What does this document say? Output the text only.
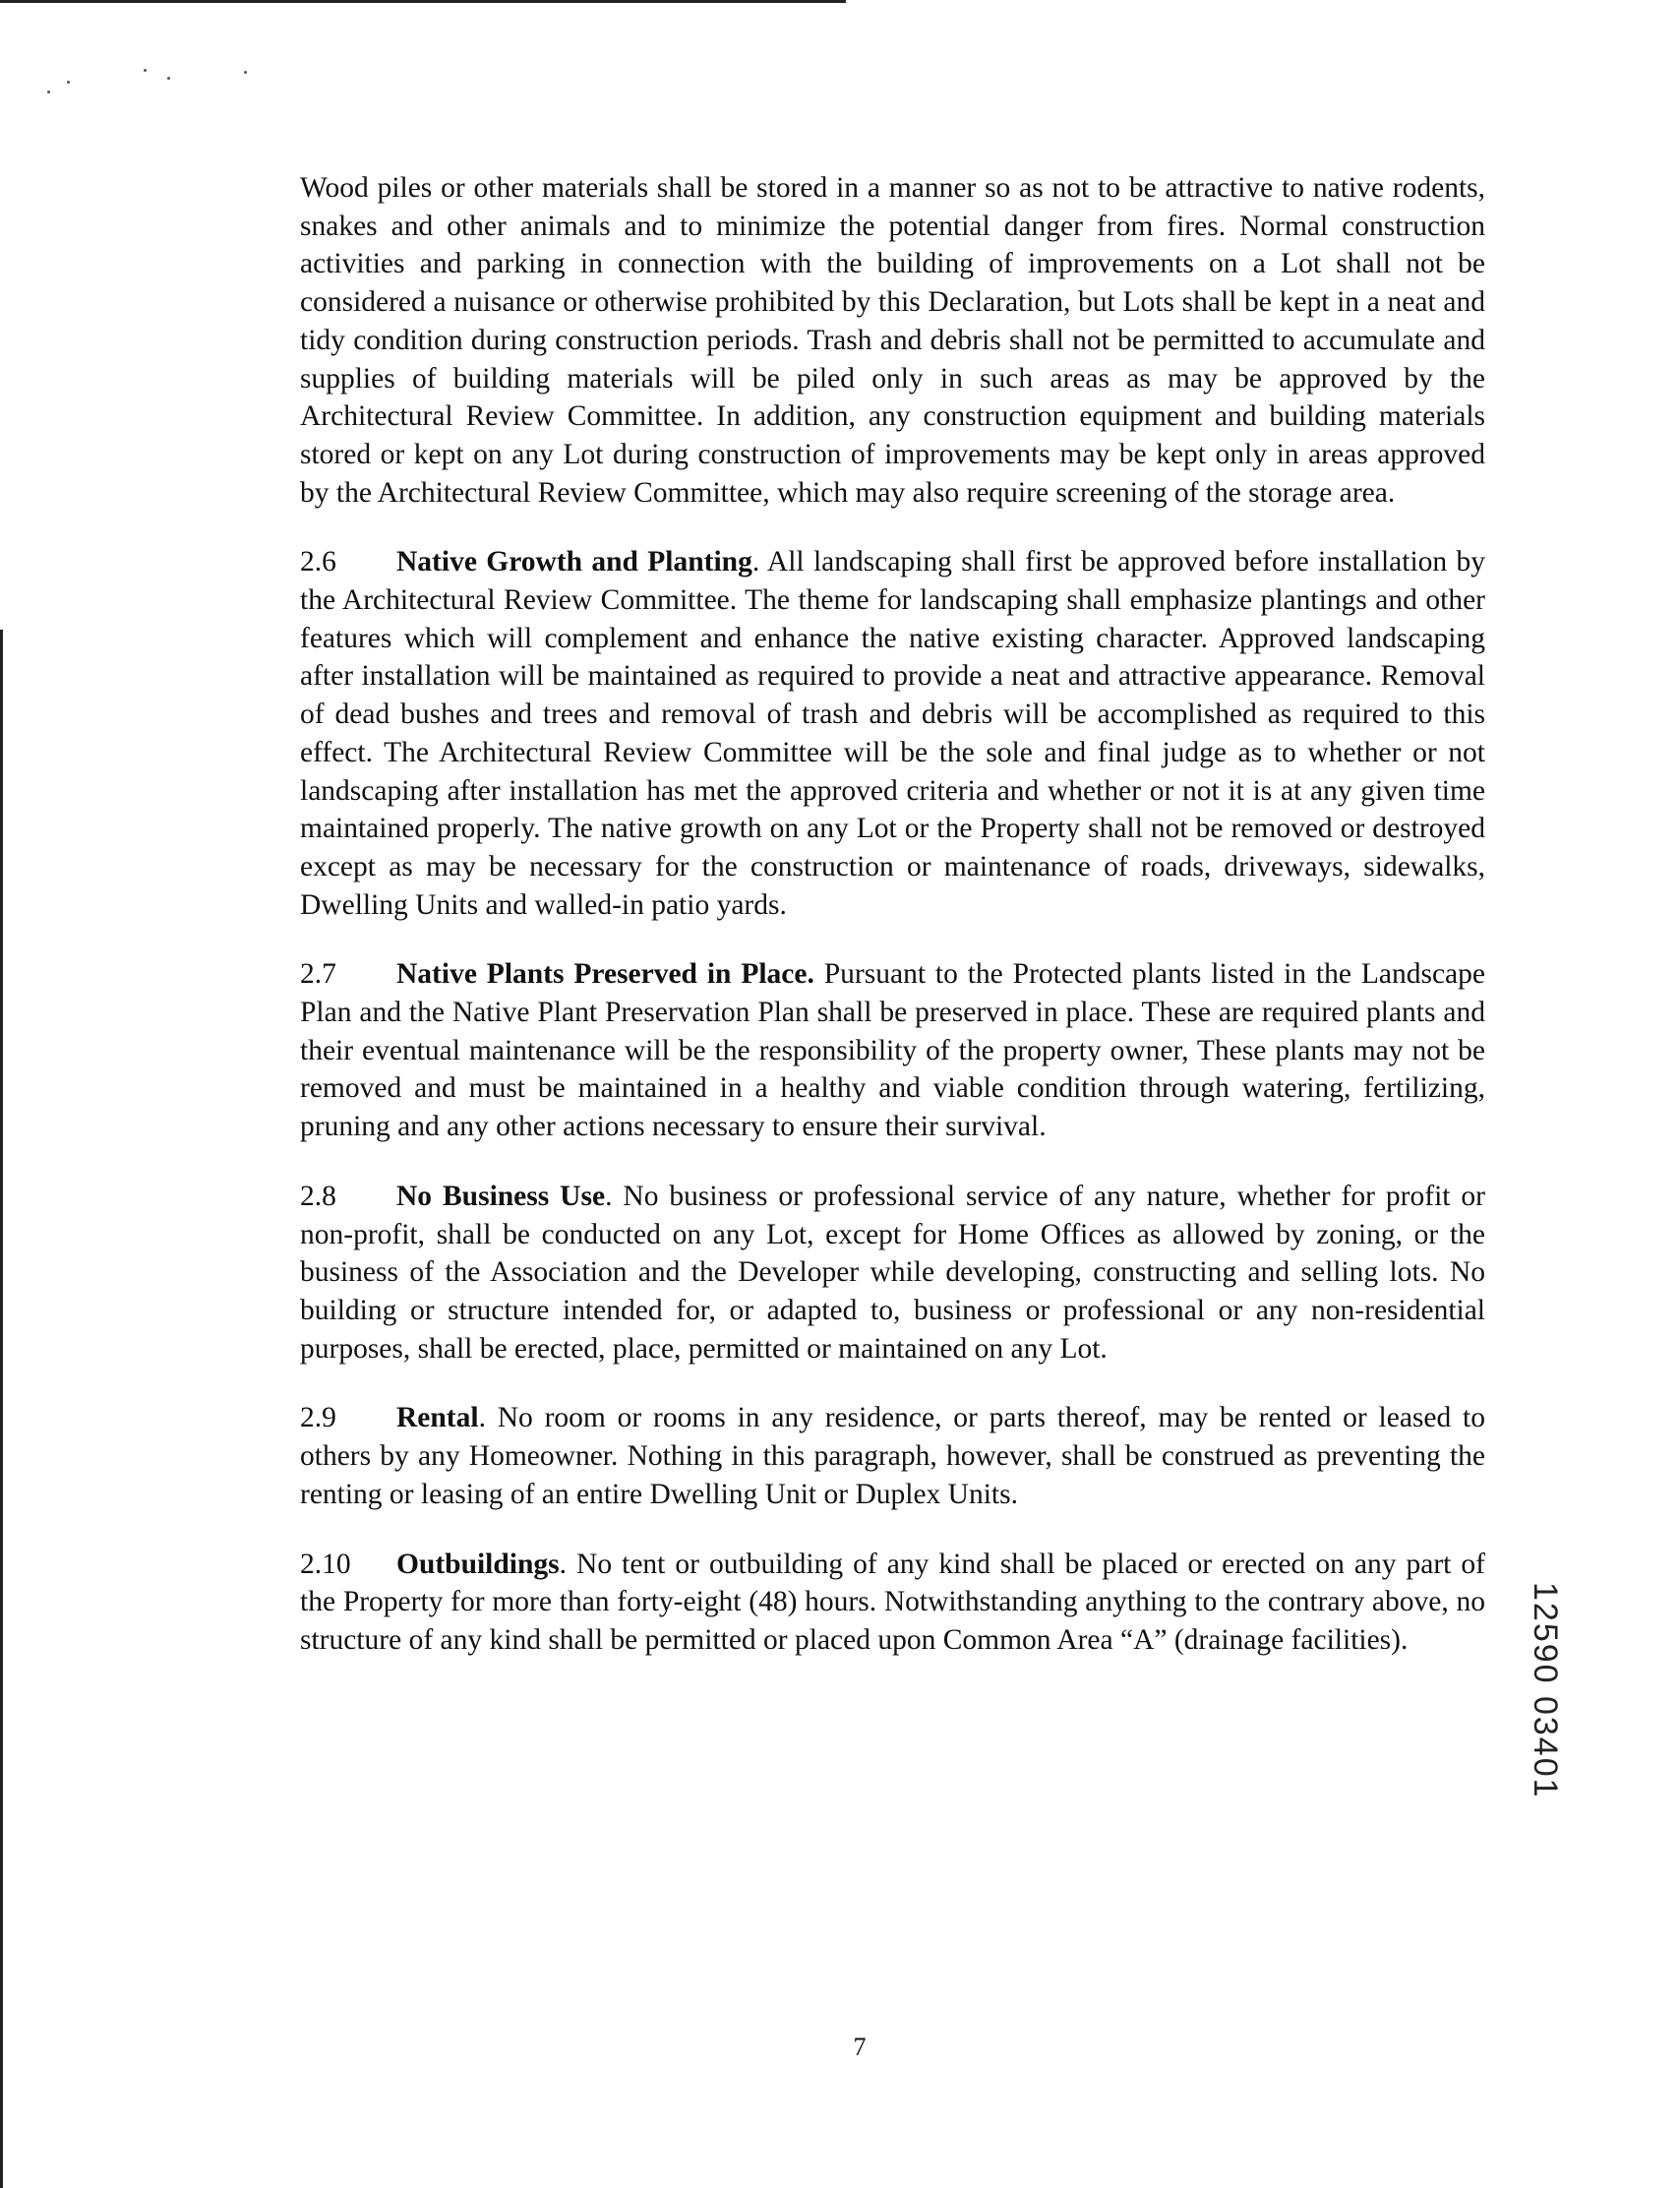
Wood piles or other materials shall be stored in a manner so as not to be attractive to native rodents, snakes and other animals and to minimize the potential danger from fires. Normal construction activities and parking in connection with the building of improvements on a Lot shall not be considered a nuisance or otherwise prohibited by this Declaration, but Lots shall be kept in a neat and tidy condition during construction periods. Trash and debris shall not be permitted to accumulate and supplies of building materials will be piled only in such areas as may be approved by the Architectural Review Committee. In addition, any construction equipment and building materials stored or kept on any Lot during construction of improvements may be kept only in areas approved by the Architectural Review Committee, which may also require screening of the storage area.

2.6 Native Growth and Planting. All landscaping shall first be approved before installation by the Architectural Review Committee. The theme for landscaping shall emphasize plantings and other features which will complement and enhance the native existing character. Approved landscaping after installation will be maintained as required to provide a neat and attractive appearance. Removal of dead bushes and trees and removal of trash and debris will be accomplished as required to this effect. The Architectural Review Committee will be the sole and final judge as to whether or not landscaping after installation has met the approved criteria and whether or not it is at any given time maintained properly. The native growth on any Lot or the Property shall not be removed or destroyed except as may be necessary for the construction or maintenance of roads, driveways, sidewalks, Dwelling Units and walled-in patio yards.

2.7 Native Plants Preserved in Place. Pursuant to the Protected plants listed in the Landscape Plan and the Native Plant Preservation Plan shall be preserved in place. These are required plants and their eventual maintenance will be the responsibility of the property owner, These plants may not be removed and must be maintained in a healthy and viable condition through watering, fertilizing, pruning and any other actions necessary to ensure their survival.

2.8 No Business Use. No business or professional service of any nature, whether for profit or non-profit, shall be conducted on any Lot, except for Home Offices as allowed by zoning, or the business of the Association and the Developer while developing, constructing and selling lots. No building or structure intended for, or adapted to, business or professional or any non-residential purposes, shall be erected, place, permitted or maintained on any Lot.

2.9 Rental. No room or rooms in any residence, or parts thereof, may be rented or leased to others by any Homeowner. Nothing in this paragraph, however, shall be construed as preventing the renting or leasing of an entire Dwelling Unit or Duplex Units.

2.10 Outbuildings. No tent or outbuilding of any kind shall be placed or erected on any part of the Property for more than forty-eight (48) hours. Notwithstanding anything to the contrary above, no structure of any kind shall be permitted or placed upon Common Area “A” (drainage facilities).

7
12590 03401
